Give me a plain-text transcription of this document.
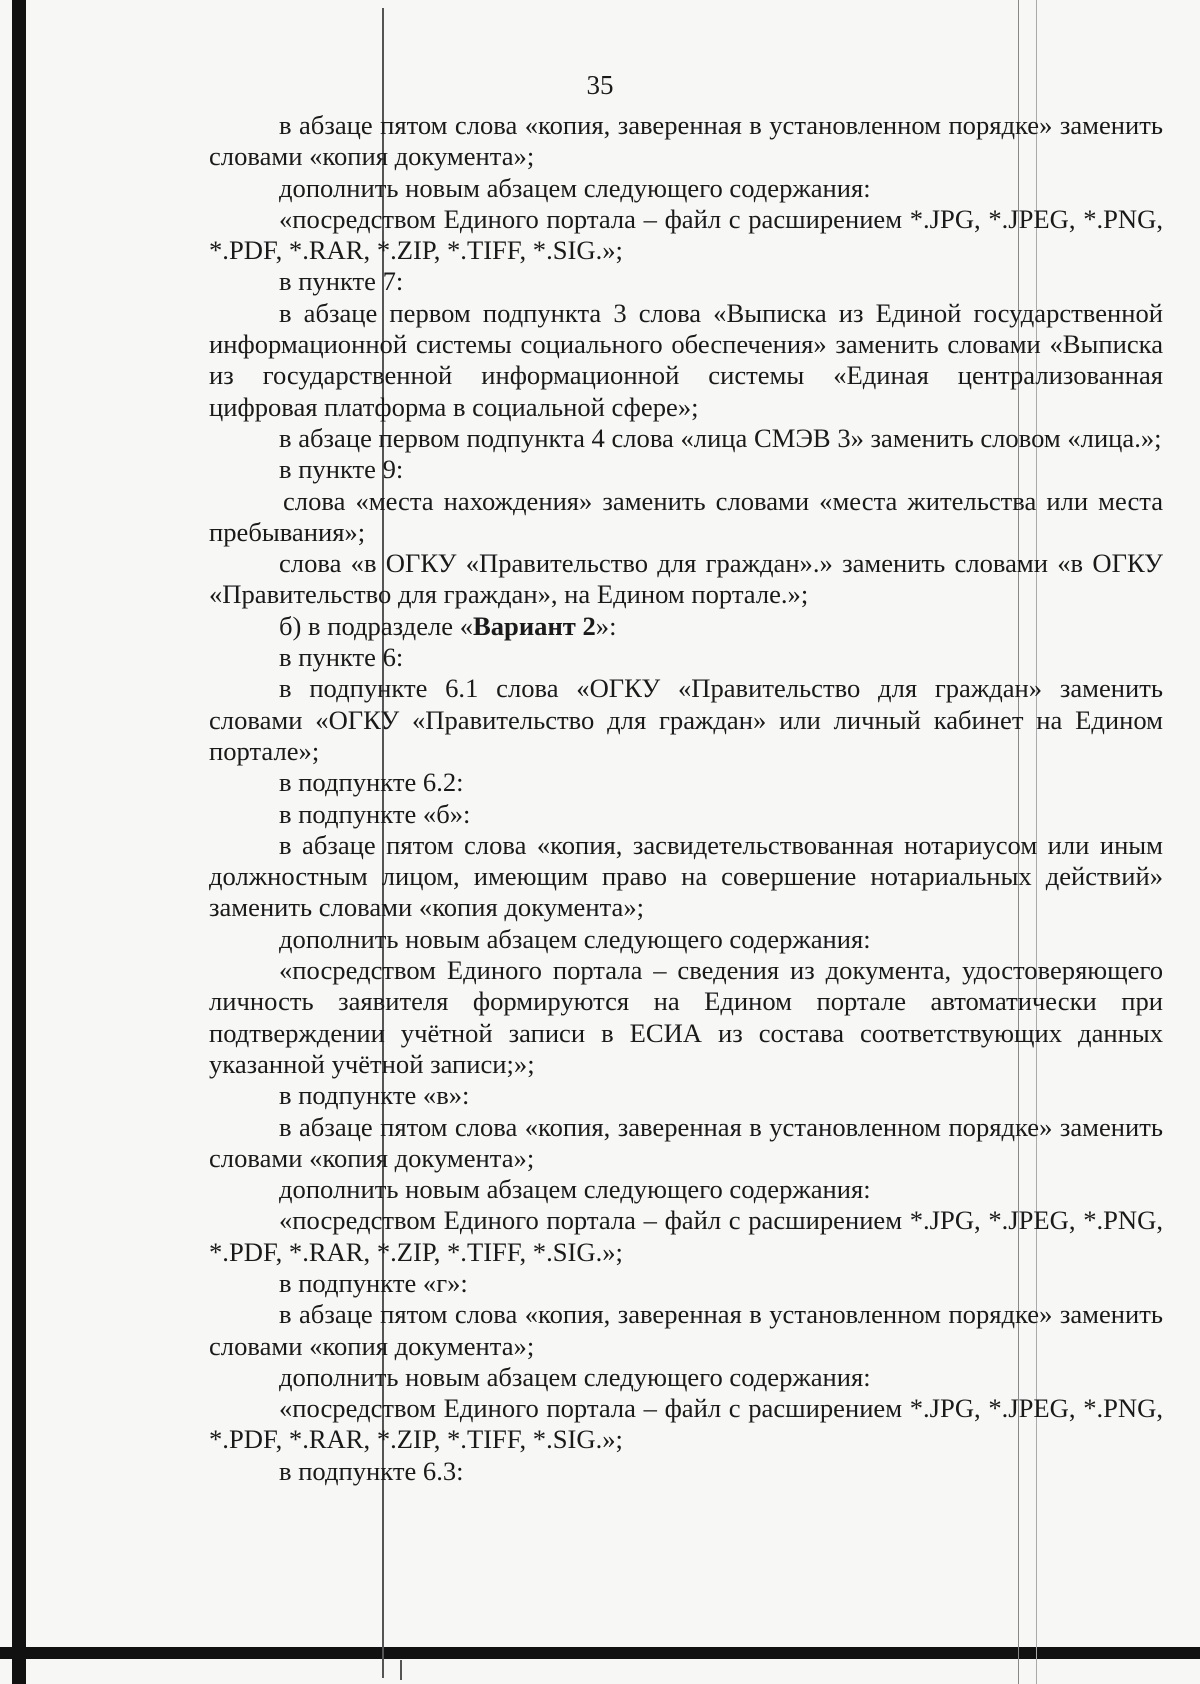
35

в абзаце пятом слова «копия, заверенная в установленном порядке» заменить словами «копия документа»;

дополнить новым абзацем следующего содержания:

«посредством Единого портала – файл с расширением *.JPG, *.JPEG, *.PNG, *.PDF, *.RAR, *.ZIP, *.TIFF, *.SIG.»;

в пункте 7:

в абзаце первом подпункта 3 слова «Выписка из Единой государственной информационной системы социального обеспечения» заменить словами «Выписка из государственной информационной системы «Единая централизованная цифровая платформа в социальной сфере»;

в абзаце первом подпункта 4 слова «лица СМЭВ 3» заменить словом «лица.»;

в пункте 9:

слова «места нахождения» заменить словами «места жительства или места пребывания»;

слова «в ОГКУ «Правительство для граждан».» заменить словами «в ОГКУ «Правительство для граждан», на Едином портале.»;

б) в подразделе «Вариант 2»:

в пункте 6:

в подпункте 6.1 слова «ОГКУ «Правительство для граждан» заменить словами «ОГКУ «Правительство для граждан» или личный кабинет на Едином портале»;

в подпункте 6.2:

в подпункте «б»:

в абзаце пятом слова «копия, засвидетельствованная нотариусом или иным должностным лицом, имеющим право на совершение нотариальных действий» заменить словами «копия документа»;

дополнить новым абзацем следующего содержания:

«посредством Единого портала – сведения из документа, удостоверяющего личность заявителя формируются на Едином портале автоматически при подтверждении учётной записи в ЕСИА из состава соответствующих данных указанной учётной записи;»;

в подпункте «в»:

в абзаце пятом слова «копия, заверенная в установленном порядке» заменить словами «копия документа»;

дополнить новым абзацем следующего содержания:

«посредством Единого портала – файл с расширением *.JPG, *.JPEG, *.PNG, *.PDF, *.RAR, *.ZIP, *.TIFF, *.SIG.»;

в подпункте «г»:

в абзаце пятом слова «копия, заверенная в установленном порядке» заменить словами «копия документа»;

дополнить новым абзацем следующего содержания:

«посредством Единого портала – файл с расширением *.JPG, *.JPEG, *.PNG, *.PDF, *.RAR, *.ZIP, *.TIFF, *.SIG.»;

в подпункте 6.3:
